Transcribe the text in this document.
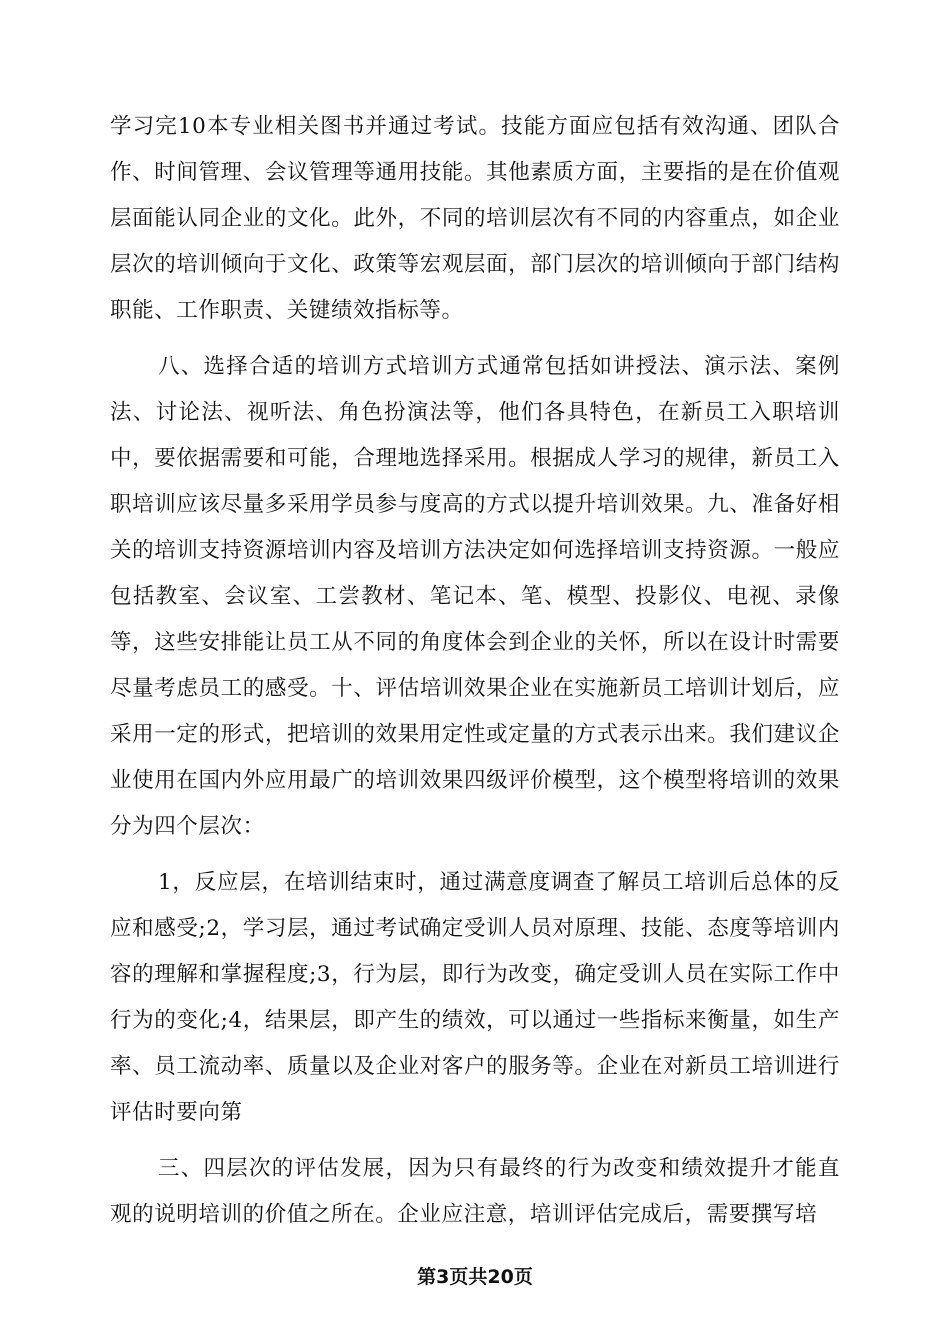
学习完10本专业相关图书并通过考试。技能方面应包括有效沟通、团队合作、时间管理、会议管理等通用技能。其他素质方面，主要指的是在价值观层面能认同企业的文化。此外，不同的培训层次有不同的内容重点，如企业层次的培训倾向于文化、政策等宏观层面，部门层次的培训倾向于部门结构职能、工作职责、关键绩效指标等。

八、选择合适的培训方式培训方式通常包括如讲授法、演示法、案例法、讨论法、视听法、角色扮演法等，他们各具特色，在新员工入职培训中，要依据需要和可能，合理地选择采用。根据成人学习的规律，新员工入职培训应该尽量多采用学员参与度高的方式以提升培训效果。九、准备好相关的培训支持资源培训内容及培训方法决定如何选择培训支持资源。一般应包括教室、会议室、工尝教材、笔记本、笔、模型、投影仪、电视、录像等，这些安排能让员工从不同的角度体会到企业的关怀，所以在设计时需要尽量考虑员工的感受。十、评估培训效果企业在实施新员工培训计划后，应采用一定的形式，把培训的效果用定性或定量的方式表示出来。我们建议企业使用在国内外应用最广的培训效果四级评价模型，这个模型将培训的效果分为四个层次：

1，反应层，在培训结束时，通过满意度调查了解员工培训后总体的反应和感受;2，学习层，通过考试确定受训人员对原理、技能、态度等培训内容的理解和掌握程度;3，行为层，即行为改变，确定受训人员在实际工作中行为的变化;4，结果层，即产生的绩效，可以通过一些指标来衡量，如生产率、员工流动率、质量以及企业对客户的服务等。企业在对新员工培训进行评估时要向第

三、四层次的评估发展，因为只有最终的行为改变和绩效提升才能直观的说明培训的价值之所在。企业应注意，培训评估完成后，需要撰写培

第3页共20页
